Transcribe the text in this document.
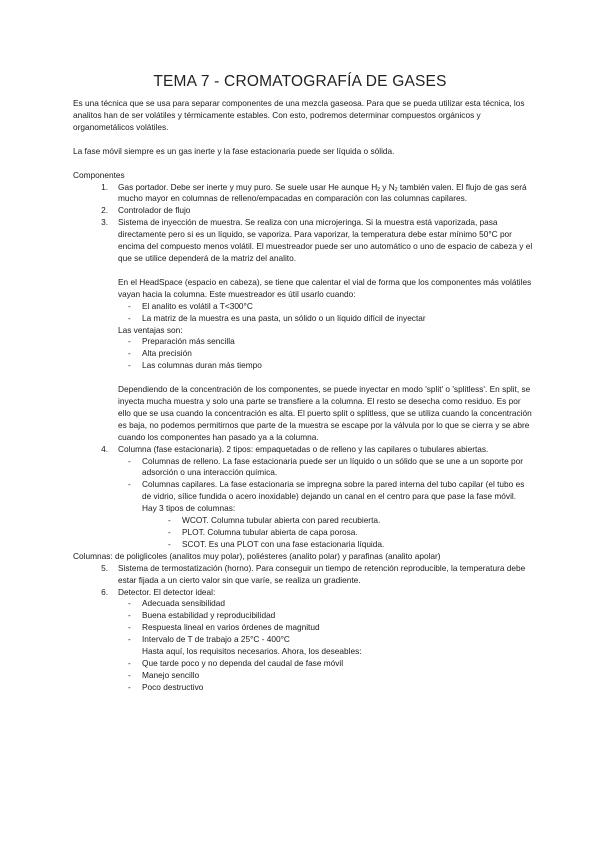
TEMA 7 - CROMATOGRAFÍA DE GASES

Es una técnica que se usa para separar componentes de una mezcla gaseosa. Para que se pueda utilizar esta técnica, los analitos han de ser volátiles y térmicamente estables. Con esto, podremos determinar compuestos orgánicos y organometálicos volátiles.

La fase móvil siempre es un gas inerte y la fase estacionaria puede ser líquida o sólida.

Componentes

1.	Gas portador. Debe ser inerte y muy puro. Se suele usar He aunque $H_2$ y $N_2$ también valen. El flujo de gas será mucho mayor en columnas de relleno/empacadas en comparación con las columnas capilares.
2.	Controlador de flujo
3.	Sistema de inyección de muestra. Se realiza con una microjeringa. Si la muestra está vaporizada, pasa directamente pero si es un líquido, se vaporiza. Para vaporizar, la temperatura debe estar mínimo 50°C por encima del compuesto menos volátil. El muestreador puede ser uno automático o uno de espacio de cabeza y el que se utilice dependerá de la matriz del analito.

En el HeadSpace (espacio en cabeza), se tiene que calentar el vial de forma que los componentes más volátiles vayan hacia la columna. Este muestreador es útil usarlo cuando:

-	El analito es volátil a T<300°C
-	La matriz de la muestra es una pasta, un sólido o un líquido difícil de inyectar

Las ventajas son:

-	Preparación más sencilla
-	Alta precisión
-	Las columnas duran más tiempo

Dependiendo de la concentración de los componentes, se puede inyectar en modo 'split' o 'splitless'. En split, se inyecta mucha muestra y solo una parte se transfiere a la columna. El resto se desecha como residuo. Es por ello que se usa cuando la concentración es alta. El puerto split o splitless, que se utiliza cuando la concentración es baja, no podemos permitirnos que parte de la muestra se escape por la válvula por lo que se cierra y se abre cuando los componentes han pasado ya a la columna.

4.	Columna (fase estacionaria). 2 tipos: empaquetadas o de relleno y las capilares o tubulares abiertas.

-	Columnas de relleno. La fase estacionaria puede ser un líquido o un sólido que se une a un soporte por adsorción o una interacción química.
-	Columnas capilares. La fase estacionaria se impregna sobre la pared interna del tubo capilar (el tubo es de vidrio, sílice fundida o acero inoxidable) dejando un canal en el centro para que pase la fase móvil. Hay 3 tipos de columnas:
-	WCOT. Columna tubular abierta con pared recubierta.
-	PLOT. Columna tubular abierta de capa porosa.
-	SCOT. Es una PLOT con una fase estacionaria líquida.

Columnas: de poliglicoles (analitos muy polar), poliésteres (analito polar) y parafinas (analito apolar)

5.	Sistema de termostatización (horno). Para conseguir un tiempo de retención reproducible, la temperatura debe estar fijada a un cierto valor sin que varíe, se realiza un gradiente.
6.	Detector. El detector ideal:

-	Adecuada sensibilidad
-	Buena estabilidad y reproducibilidad
-	Respuesta lineal en varios órdenes de magnitud
-	Intervalo de T de trabajo a 25°C - 400°C

Hasta aquí, los requisitos necesarios. Ahora, los deseables:

-	Que tarde poco y no dependa del caudal de fase móvil
-	Manejo sencillo
-	Poco destructivo
